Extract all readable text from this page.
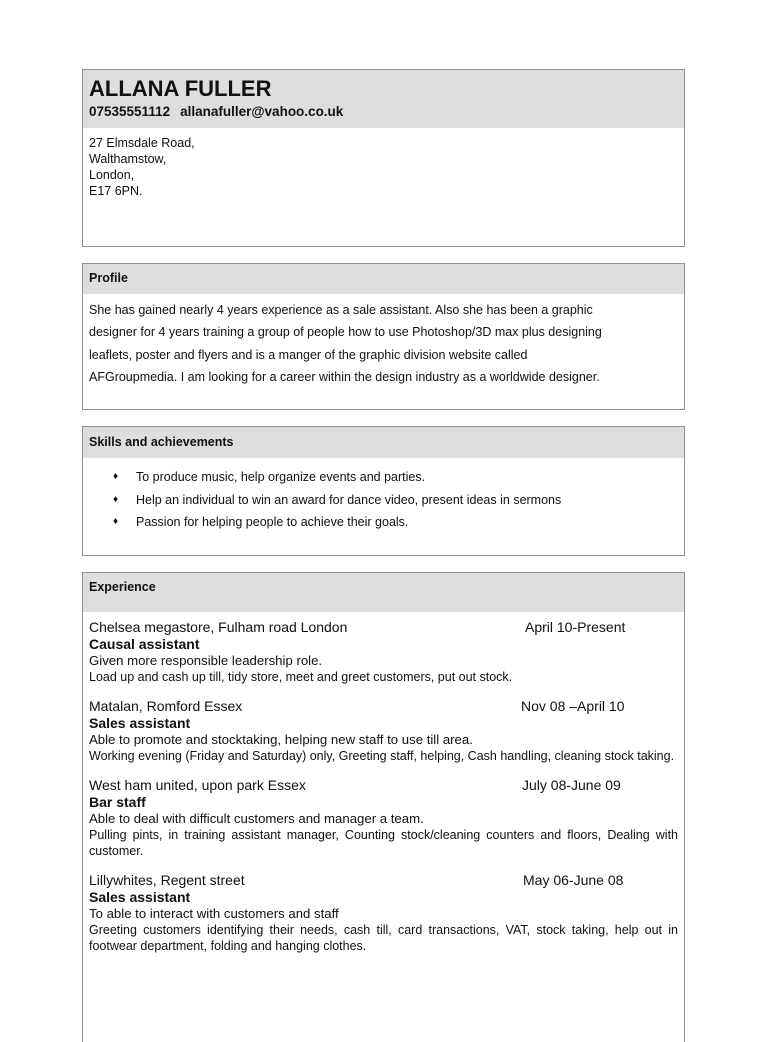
ALLANA FULLER
07535551112 allanafuller@vahoo.co.uk
27 Elmsdale Road,
Walthamstow,
London,
E17 6PN.
Profile
She has gained nearly 4 years experience as a sale assistant. Also she has been a graphic
designer for 4 years training a group of people how to use Photoshop/3D max plus designing
leaflets, poster and flyers and is a manger of the graphic division website called
AFGroupmedia. I am looking for a career within the design industry as a worldwide designer.
Skills and achievements
♦ To produce music, help organize events and parties.
♦ Help an individual to win an award for dance video, present ideas in sermons
♦ Passion for helping people to achieve their goals.
Experience
Chelsea megastore, Fulham road London	April 10-Present
Causal assistant
Given more responsible leadership role.
Load up and cash up till, tidy store, meet and greet customers, put out stock.
Matalan, Romford Essex	Nov 08 –April 10
Sales assistant
Able to promote and stocktaking, helping new staff to use till area.
Working evening (Friday and Saturday) only, Greeting staff, helping, Cash handling, cleaning stock taking.
West ham united, upon park Essex	July 08-June 09
Bar staff
Able to deal with difficult customers and manager a team.
Pulling pints, in training assistant manager, Counting stock/cleaning counters and floors, Dealing with customer.
Lillywhites, Regent street	May 06-June 08
Sales assistant
To able to interact with customers and staff
Greeting customers identifying their needs, cash till, card transactions, VAT, stock taking, help out in footwear department, folding and hanging clothes.
